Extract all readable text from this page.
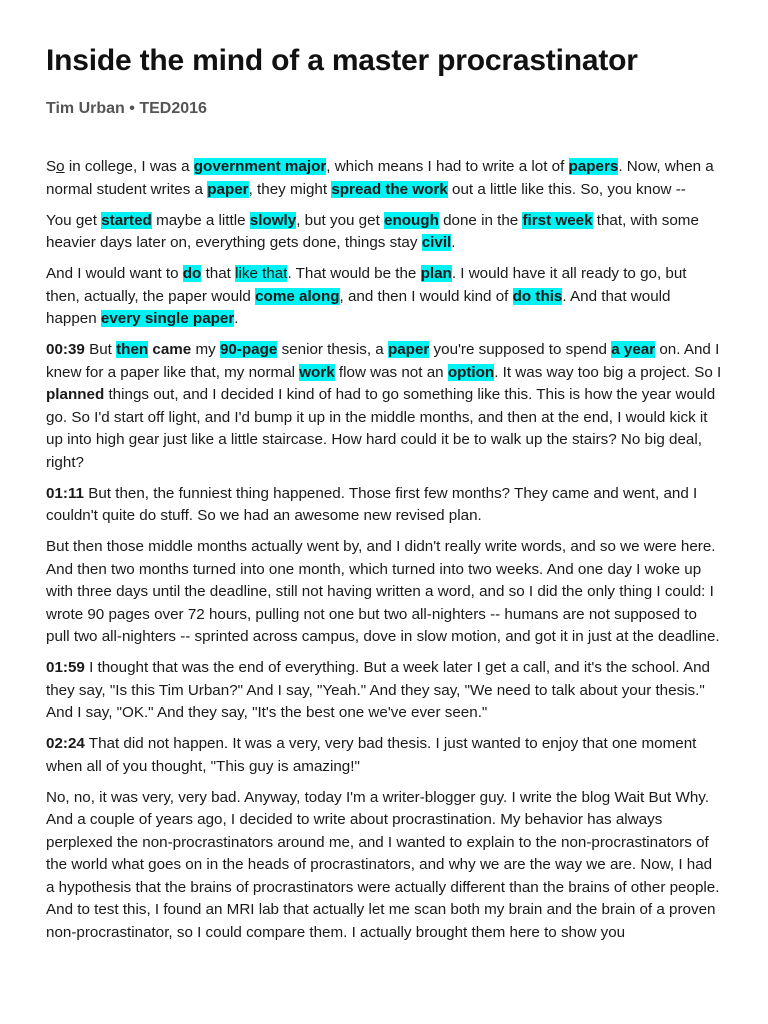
Inside the mind of a master procrastinator
Tim Urban • TED2016

So in college, I was a government major, which means I had to write a lot of papers. Now, when a normal student writes a paper, they might spread the work out a little like this. So, you know --

You get started maybe a little slowly, but you get enough done in the first week that, with some heavier days later on, everything gets done, things stay civil.

And I would want to do that like that. That would be the plan. I would have it all ready to go, but then, actually, the paper would come along, and then I would kind of do this. And that would happen every single paper.

00:39 But then came my 90-page senior thesis, a paper you're supposed to spend a year on. And I knew for a paper like that, my normal work flow was not an option. It was way too big a project. So I planned things out, and I decided I kind of had to go something like this. This is how the year would go. So I'd start off light, and I'd bump it up in the middle months, and then at the end, I would kick it up into high gear just like a little staircase. How hard could it be to walk up the stairs? No big deal, right?

01:11 But then, the funniest thing happened. Those first few months? They came and went, and I couldn't quite do stuff. So we had an awesome new revised plan.

But then those middle months actually went by, and I didn't really write words, and so we were here. And then two months turned into one month, which turned into two weeks. And one day I woke up with three days until the deadline, still not having written a word, and so I did the only thing I could: I wrote 90 pages over 72 hours, pulling not one but two all-nighters -- humans are not supposed to pull two all-nighters -- sprinted across campus, dove in slow motion, and got it in just at the deadline.

01:59 I thought that was the end of everything. But a week later I get a call, and it's the school. And they say, "Is this Tim Urban?" And I say, "Yeah." And they say, "We need to talk about your thesis." And I say, "OK." And they say, "It's the best one we've ever seen."

02:24 That did not happen. It was a very, very bad thesis. I just wanted to enjoy that one moment when all of you thought, "This guy is amazing!"

No, no, it was very, very bad. Anyway, today I'm a writer-blogger guy. I write the blog Wait But Why. And a couple of years ago, I decided to write about procrastination. My behavior has always perplexed the non-procrastinators around me, and I wanted to explain to the non-procrastinators of the world what goes on in the heads of procrastinators, and why we are the way we are. Now, I had a hypothesis that the brains of procrastinators were actually different than the brains of other people. And to test this, I found an MRI lab that actually let me scan both my brain and the brain of a proven non-procrastinator, so I could compare them. I actually brought them here to show you
